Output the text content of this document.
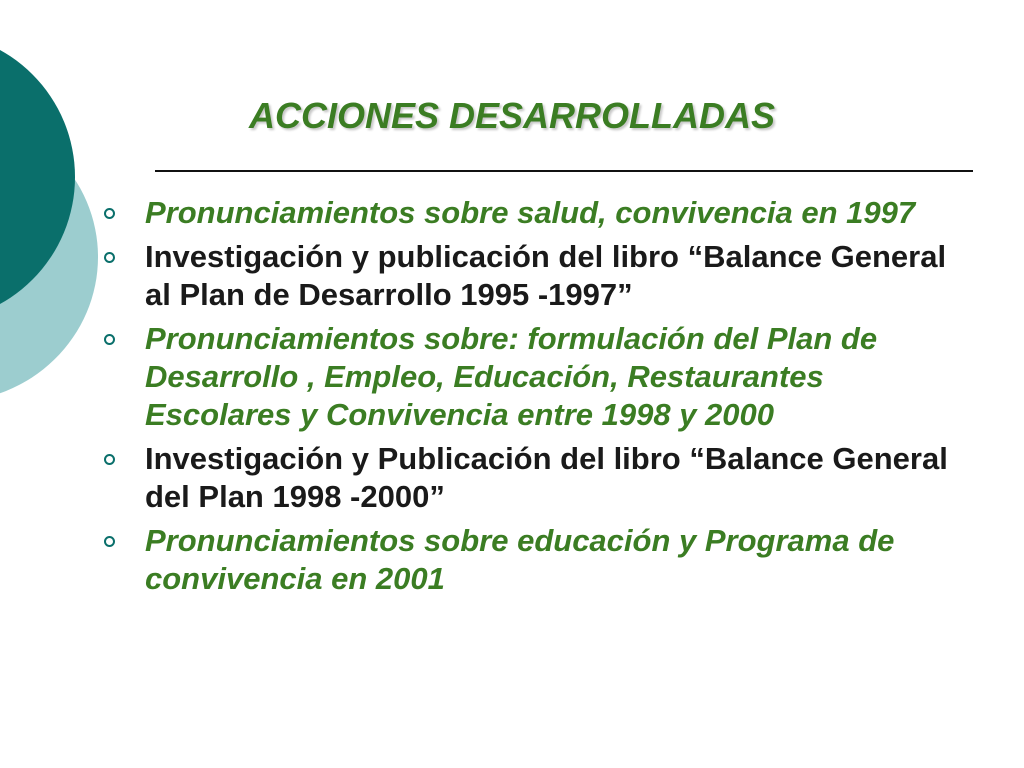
ACCIONES DESARROLLADAS
Pronunciamientos sobre salud, convivencia en 1997
Investigación y publicación del libro “Balance General al Plan de Desarrollo 1995 -1997”
Pronunciamientos sobre: formulación del Plan de Desarrollo , Empleo, Educación, Restaurantes Escolares y Convivencia entre 1998 y 2000
Investigación y Publicación del libro “Balance General del Plan 1998 -2000”
Pronunciamientos sobre educación y Programa de convivencia en 2001
